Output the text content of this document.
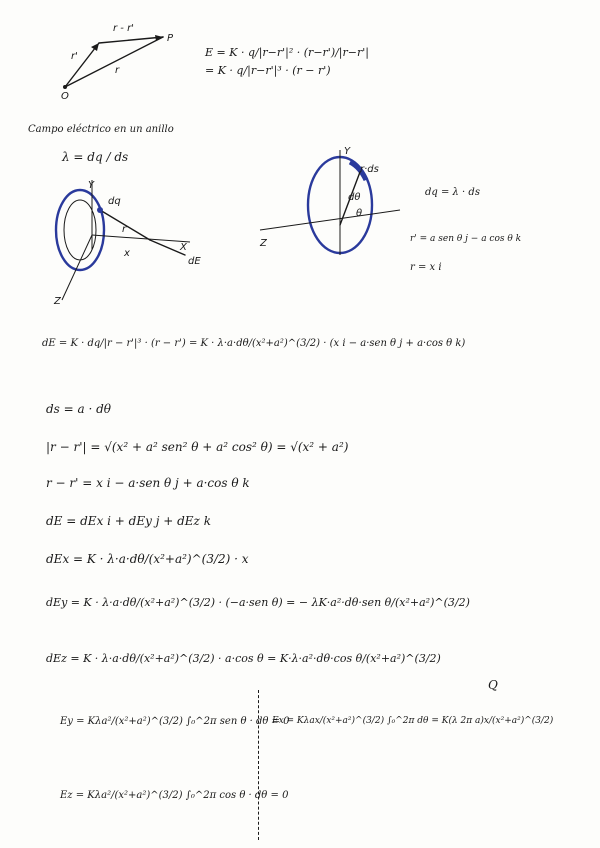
P
O
r'
r
r - r'
E = K · q/|r−r'|² · (r−r')/|r−r'|
= K · q/|r−r'|³ · (r − r')
Campo eléctrico en un anillo
λ = dq / ds
Y
Z
dq
r
x
X
dE
Y
Z
r·ds
θ
dθ	dq = λ · ds
r' = a sen θ j − a cos θ k
r = x i
dE = K · dq/|r − r'|³ · (r − r') = K · λ·a·dθ/(x²+a²)^(3/2) · (x i − a·sen θ j + a·cos θ k)
ds = a · dθ
|r − r'| = √(x² + a² sen² θ + a² cos² θ) = √(x² + a²)
r − r' = x i − a·sen θ j + a·cos θ k
dE = dEx i + dEy j + dEz k
dEx = K · λ·a·dθ/(x²+a²)^(3/2) · x
dEy = K · λ·a·dθ/(x²+a²)^(3/2) · (−a·sen θ) = − λK·a²·dθ·sen θ/(x²+a²)^(3/2)
dEz = K · λ·a·dθ/(x²+a²)^(3/2) · a·cos θ = K·λ·a²·dθ·cos θ/(x²+a²)^(3/2)
Ey = Kλa²/(x²+a²)^(3/2) ∫₀^2π sen θ · dθ = 0
Ex = Kλax/(x²+a²)^(3/2) ∫₀^2π dθ = K(λ 2π a)x/(x²+a²)^(3/2)
Q
Ez = Kλa²/(x²+a²)^(3/2) ∫₀^2π cos θ · dθ = 0
